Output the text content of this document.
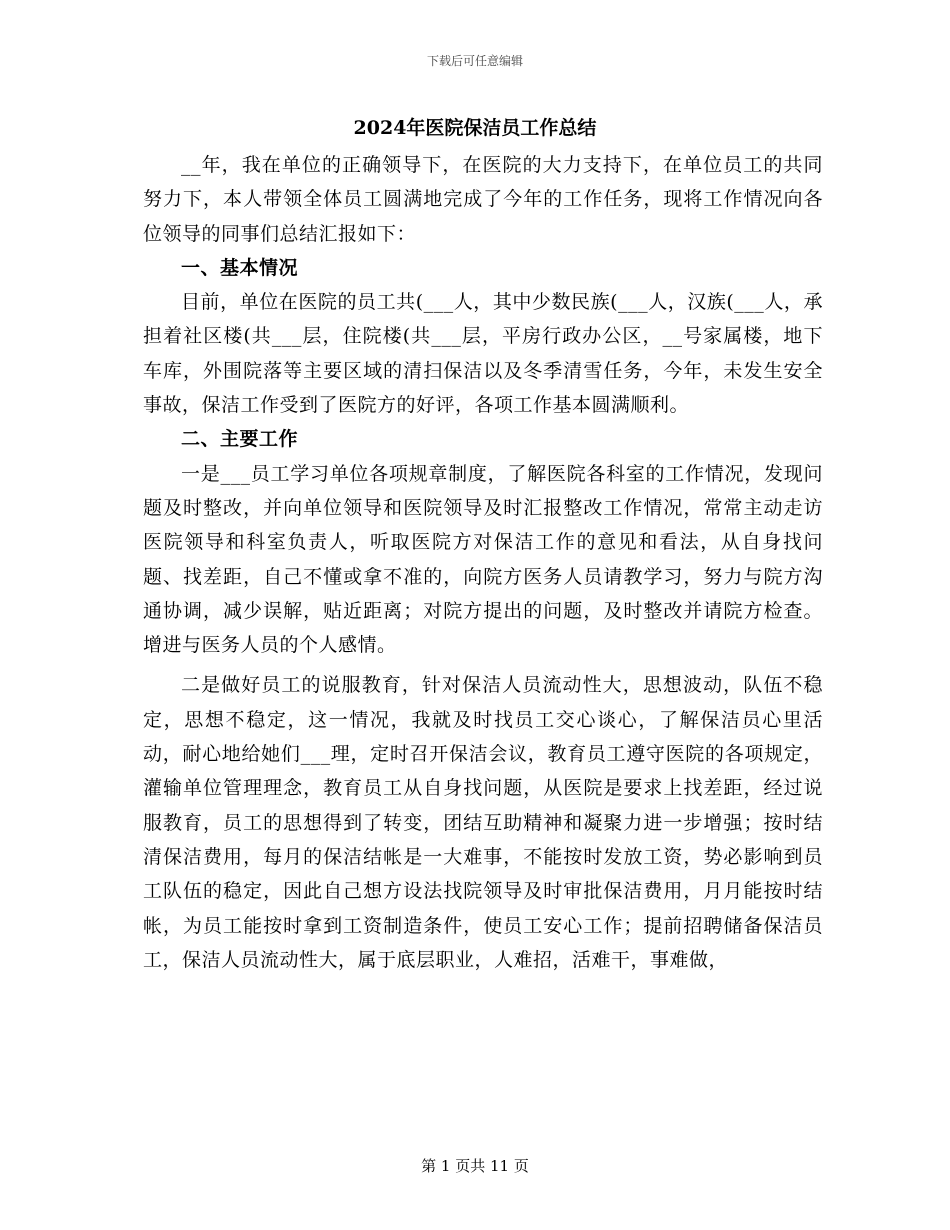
下载后可任意编辑

2024年医院保洁员工作总结

__年，我在单位的正确领导下，在医院的大力支持下，在单位员工的共同努力下，本人带领全体员工圆满地完成了今年的工作任务，现将工作情况向各位领导的同事们总结汇报如下：

一、基本情况

目前，单位在医院的员工共(___人，其中少数民族(___人，汉族(___人，承担着社区楼(共___层，住院楼(共___层，平房行政办公区，__号家属楼，地下车库，外围院落等主要区域的清扫保洁以及冬季清雪任务，今年，未发生安全事故，保洁工作受到了医院方的好评，各项工作基本圆满顺利。

二、主要工作

一是___员工学习单位各项规章制度，了解医院各科室的工作情况，发现问题及时整改，并向单位领导和医院领导及时汇报整改工作情况，常常主动走访医院领导和科室负责人，听取医院方对保洁工作的意见和看法，从自身找问题、找差距，自己不懂或拿不准的，向院方医务人员请教学习，努力与院方沟通协调，减少误解，贴近距离；对院方提出的问题，及时整改并请院方检查。增进与医务人员的个人感情。

二是做好员工的说服教育，针对保洁人员流动性大，思想波动，队伍不稳定，思想不稳定，这一情况，我就及时找员工交心谈心，了解保洁员心里活动，耐心地给她们___理，定时召开保洁会议，教育员工遵守医院的各项规定，灌输单位管理理念，教育员工从自身找问题，从医院是要求上找差距，经过说服教育，员工的思想得到了转变，团结互助精神和凝聚力进一步增强；按时结清保洁费用，每月的保洁结帐是一大难事，不能按时发放工资，势必影响到员工队伍的稳定，因此自己想方设法找院领导及时审批保洁费用，月月能按时结帐，为员工能按时拿到工资制造条件，使员工安心工作；提前招聘储备保洁员工，保洁人员流动性大，属于底层职业，人难招，活难干，事难做，

第 1 页共 11 页
